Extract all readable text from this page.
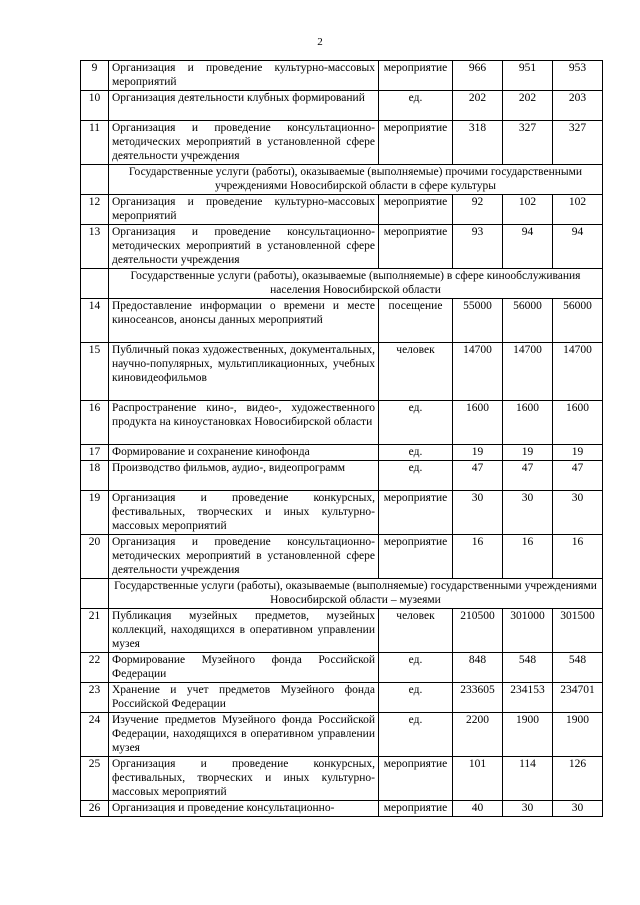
2
9	Организация и проведение культурно-массовых мероприятий	мероприятие	966	951	953
10	Организация деятельности клубных формирований	ед.	202	202	203
11	Организация и проведение консультационно-методических мероприятий в установленной сфере деятельности учреждения	мероприятие	318	327	327
	Государственные услуги (работы), оказываемые (выполняемые) прочими государственными учреждениями Новосибирской области в сфере культуры				
12	Организация и проведение культурно-массовых мероприятий	мероприятие	92	102	102
13	Организация и проведение консультационно-методических мероприятий в установленной сфере деятельности учреждения	мероприятие	93	94	94
	Государственные услуги (работы), оказываемые (выполняемые) в сфере кинообслуживания населения Новосибирской области				
14	Предоставление информации о времени и месте киносеансов, анонсы данных мероприятий	посещение	55000	56000	56000
15	Публичный показ художественных, документальных, научно-популярных, мультипликационных, учебных киновидеофильмов	человек	14700	14700	14700
16	Распространение кино-, видео-, художественного продукта на киноустановках Новосибирской области	ед.	1600	1600	1600
17	Формирование и сохранение кинофонда	ед.	19	19	19
18	Производство фильмов, аудио-, видеопрограмм	ед.	47	47	47
19	Организация и проведение конкурсных, фестивальных, творческих и иных культурно-массовых мероприятий	мероприятие	30	30	30
20	Организация и проведение консультационно-методических мероприятий в установленной сфере деятельности учреждения	мероприятие	16	16	16
	Государственные услуги (работы), оказываемые (выполняемые) государственными учреждениями Новосибирской области – музеями				
21	Публикация музейных предметов, музейных коллекций, находящихся в оперативном управлении музея	человек	210500	301000	301500
22	Формирование Музейного фонда Российской Федерации	ед.	848	548	548
23	Хранение и учет предметов Музейного фонда Российской Федерации	ед.	233605	234153	234701
24	Изучение предметов Музейного фонда Российской Федерации, находящихся в оперативном управлении музея	ед.	2200	1900	1900
25	Организация и проведение конкурсных, фестивальных, творческих и иных культурно-массовых мероприятий	мероприятие	101	114	126
26	Организация и проведение консультационно-	мероприятие	40	30	30
